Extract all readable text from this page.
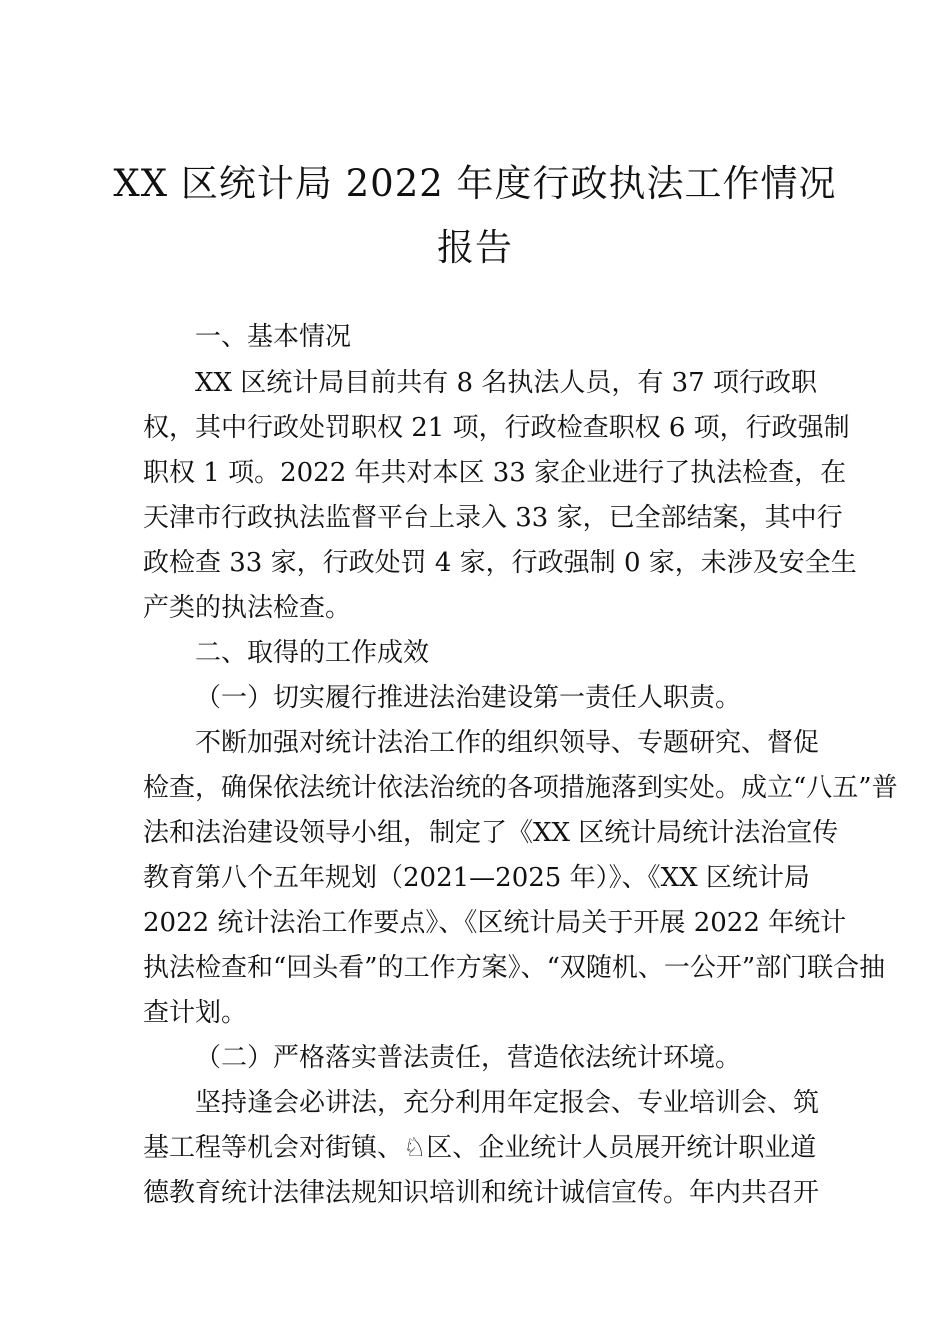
XX 区统计局 2022 年度行政执法工作情况
报告
一、基本情况
XX 区统计局目前共有 8 名执法人员，有 37 项行政职
权，其中行政处罚职权 21 项，行政检查职权 6 项，行政强制
职权 1 项。2022 年共对本区 33 家企业进行了执法检查，在
天津市行政执法监督平台上录入 33 家，已全部结案，其中行
政检查 33 家，行政处罚 4 家，行政强制 0 家，未涉及安全生
产类的执法检查。
二、取得的工作成效
（一）切实履行推进法治建设第一责任人职责。
不断加强对统计法治工作的组织领导、专题研究、督促
检查，确保依法统计依法治统的各项措施落到实处。成立“八五”普
法和法治建设领导小组，制定了《XX 区统计局统计法治宣传
教育第八个五年规划（2021—2025 年）》、《XX 区统计局
2022 统计法治工作要点》、《区统计局关于开展 2022 年统计
执法检查和“回头看”的工作方案》、“双随机、一公开”部门联合抽
查计划。
（二）严格落实普法责任，营造依法统计环境。
坚持逢会必讲法，充分利用年定报会、专业培训会、筑
基工程等机会对街镇、♘区、企业统计人员展开统计职业道
德教育统计法律法规知识培训和统计诚信宣传。年内共召开
